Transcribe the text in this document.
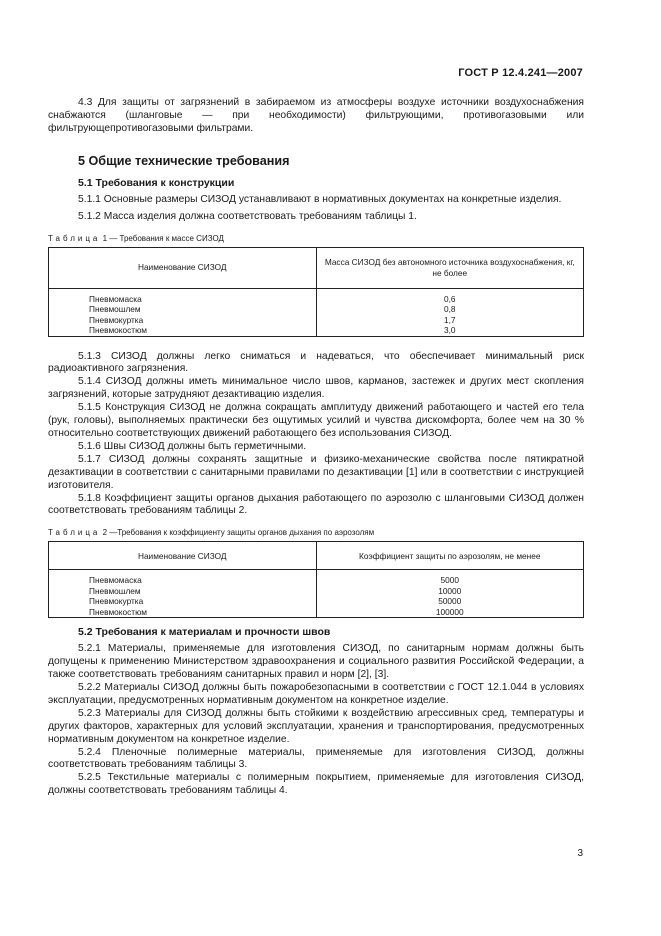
ГОСТ Р 12.4.241—2007

4.3 Для защиты от загрязнений в забираемом из атмосферы воздухе источники воздухоснабжения снабжаются (шланговые — при необходимости) фильтрующими, противогазовыми или фильтрующепротивогазовыми фильтрами.

5 Общие технические требования
5.1 Требования к конструкции

5.1.1 Основные размеры СИЗОД устанавливают в нормативных документах на конкретные изделия.

5.1.2 Масса изделия должна соответствовать требованиям таблицы 1.

Таблица 1 — Требования к массе СИЗОД
Наименование СИЗОД	Масса СИЗОД без автономного источника воздухоснабжения, кг, не более
Пневмомаска	0,6
Пневмошлем	0,8
Пневмокуртка	1,7
Пневмокостюм	3,0

5.1.3 СИЗОД должны легко сниматься и надеваться, что обеспечивает минимальный риск радиоактивного загрязнения.

5.1.4 СИЗОД должны иметь минимальное число швов, карманов, застежек и других мест скопления загрязнений, которые затрудняют дезактивацию изделия.

5.1.5 Конструкция СИЗОД не должна сокращать амплитуду движений работающего и частей его тела (рук, головы), выполняемых практически без ощутимых усилий и чувства дискомфорта, более чем на 30 % относительно соответствующих движений работающего без использования СИЗОД.

5.1.6 Швы СИЗОД должны быть герметичными.

5.1.7 СИЗОД должны сохранять защитные и физико-механические свойства после пятикратной дезактивации в соответствии с санитарными правилами по дезактивации [1] или в соответствии с инструкцией изготовителя.

5.1.8 Коэффициент защиты органов дыхания работающего по аэрозолю с шланговыми СИЗОД должен соответствовать требованиям таблицы 2.

Таблица 2 —Требования к коэффициенту защиты органов дыхания по аэрозолям
Наименование СИЗОД	Коэффициент защиты по аэрозолям, не менее
Пневмомаска	5000
Пневмошлем	10000
Пневмокуртка	50000
Пневмокостюм	100000
5.2 Требования к материалам и прочности швов

5.2.1 Материалы, применяемые для изготовления СИЗОД, по санитарным нормам должны быть допущены к применению Министерством здравоохранения и социального развития Российской Федерации, а также соответствовать требованиям санитарных правил и норм [2], [3].

5.2.2 Материалы СИЗОД должны быть пожаробезопасными в соответствии с ГОСТ 12.1.044 в условиях эксплуатации, предусмотренных нормативным документом на конкретное изделие.

5.2.3 Материалы для СИЗОД должны быть стойкими к воздействию агрессивных сред, температуры и других факторов, характерных для условий эксплуатации, хранения и транспортирования, предусмотренных нормативным документом на конкретное изделие.

5.2.4 Пленочные полимерные материалы, применяемые для изготовления СИЗОД, должны соответствовать требованиям таблицы 3.

5.2.5 Текстильные материалы с полимерным покрытием, применяемые для изготовления СИЗОД, должны соответствовать требованиям таблицы 4.

3
